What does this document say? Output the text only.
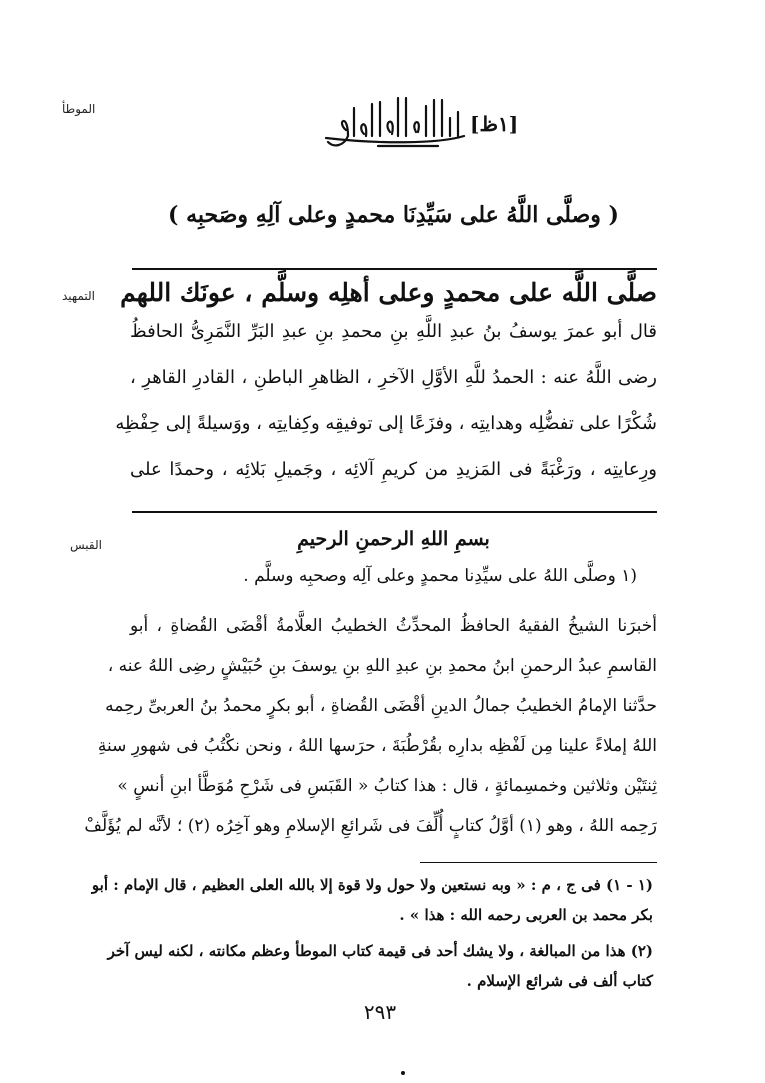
الموطأ
التمهيد
القبس
[١ظ]
( وصلَّى اللَّهُ على سَيِّدِنَا محمدٍ وعلى آلِهِ وصَحبِه )
صلَّى اللَّه على محمدٍ وعلى أهلِه وسلَّم ، عونَك اللهم
قال أبو عمرَ يوسفُ بنُ عبدِ اللَّهِ بنِ محمدِ بنِ عبدِ البَرِّ النَّمَرِىُّ الحافظُ
رضى اللَّهُ عنه : الحمدُ للَّهِ الأوَّلِ الآخرِ ، الظاهرِ الباطنِ ، القادرِ القاهرِ ،
شُكْرًا على تفضُّلِه وهدايتِه ، وفزَعًا إلى توفيقِه وكِفايتِه ، ووَسيلةً إلى حِفْظِه
ورِعايتِه ، ورَغْبَةً فى المَزيدِ من كريمِ آلائِه ، وجَميلِ بَلائِه ، وحمدًا على
بسمِ اللهِ الرحمنِ الرحيمِ
(١ وصلَّى اللهُ على سيِّدِنا محمدٍ وعلى آلِه وصحبِه وسلَّم .
أخبرَنا الشيخُ الفقيهُ الحافظُ المحدِّثُ الخطيبُ العلَّامةُ أقْضَى القُضاةِ ، أبو
القاسمِ عبدُ الرحمنِ ابنُ محمدِ بنِ عبدِ اللهِ بنِ يوسفَ بنِ حُبَيْشٍ رضِى اللهُ عنه ،
حدَّثنا الإمامُ الخطيبُ جمالُ الدينِ أقْضَى القُضاةِ ، أبو بكرٍ محمدُ بنُ العربىِّ رحِمه
اللهُ إملاءً علينا مِن لَفْظِه بدارِه بقُرْطُبَةَ ، حرَسها اللهُ ، ونحن نكْتُبُ فى شهورِ سنةِ
ثِنتَيْن وثلاثين وخمسِمائةٍ ، قال : هذا كتابُ « القَبَسِ فى شَرْحِ مُوَطَّأ ابنِ أنسٍ »
رَحِمه اللهُ ، وهو (١) أوَّلُ كتابٍ أُلِّفَ فى شَرائعِ الإسلامِ وهو آخِرُه (٢) ؛ لأنَّه لم يُؤَلَّفْ
(١ - ١) فى ج ، م : « وبه نستعين ولا حول ولا قوة إلا بالله العلى العظيم ، قال الإمام : أبو
بكر محمد بن العربى رحمه الله : هذا » .
(٢) هذا من المبالغة ، ولا يشك أحد فى قيمة كتاب الموطأ وعظم مكانته ، لكنه ليس آخر
كتاب ألف فى شرائع الإسلام .
٢٩٣
